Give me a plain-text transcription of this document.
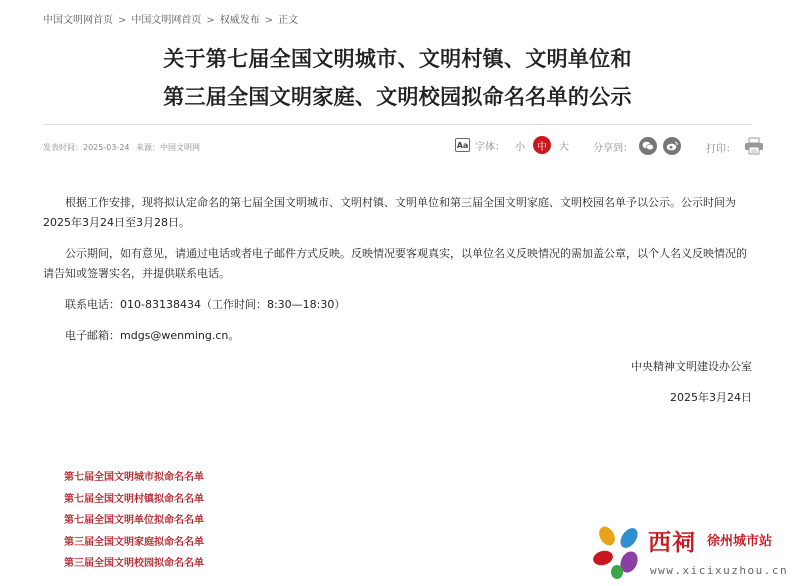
中国文明网首页 > 中国文明网首页 > 权威发布 > 正文
关于第七届全国文明城市、文明村镇、文明单位和
第三届全国文明家庭、文明校园拟命名名单的公示
发表时间：2025-03-24 来源：中国文明网	Aa 字体： 小	中	大 分享到：	打印：

根据工作安排，现将拟认定命名的第七届全国文明城市、文明村镇、文明单位和第三届全国文明家庭、文明校园名单予以公示。公示时间为2025年3月24日至3月28日。

公示期间，如有意见，请通过电话或者电子邮件方式反映。反映情况要客观真实，以单位名义反映情况的需加盖公章，以个人名义反映情况的请告知或签署实名，并提供联系电话。

联系电话：010-83138434（工作时间：8:30—18:30）

电子邮箱：mdgs@wenming.cn。

中央精神文明建设办公室

2025年3月24日

第七届全国文明城市拟命名名单
第七届全国文明村镇拟命名名单
第七届全国文明单位拟命名名单
第三届全国文明家庭拟命名名单
第三届全国文明校园拟命名名单
西祠 徐州城市站
www.xicixuzhou.cn
